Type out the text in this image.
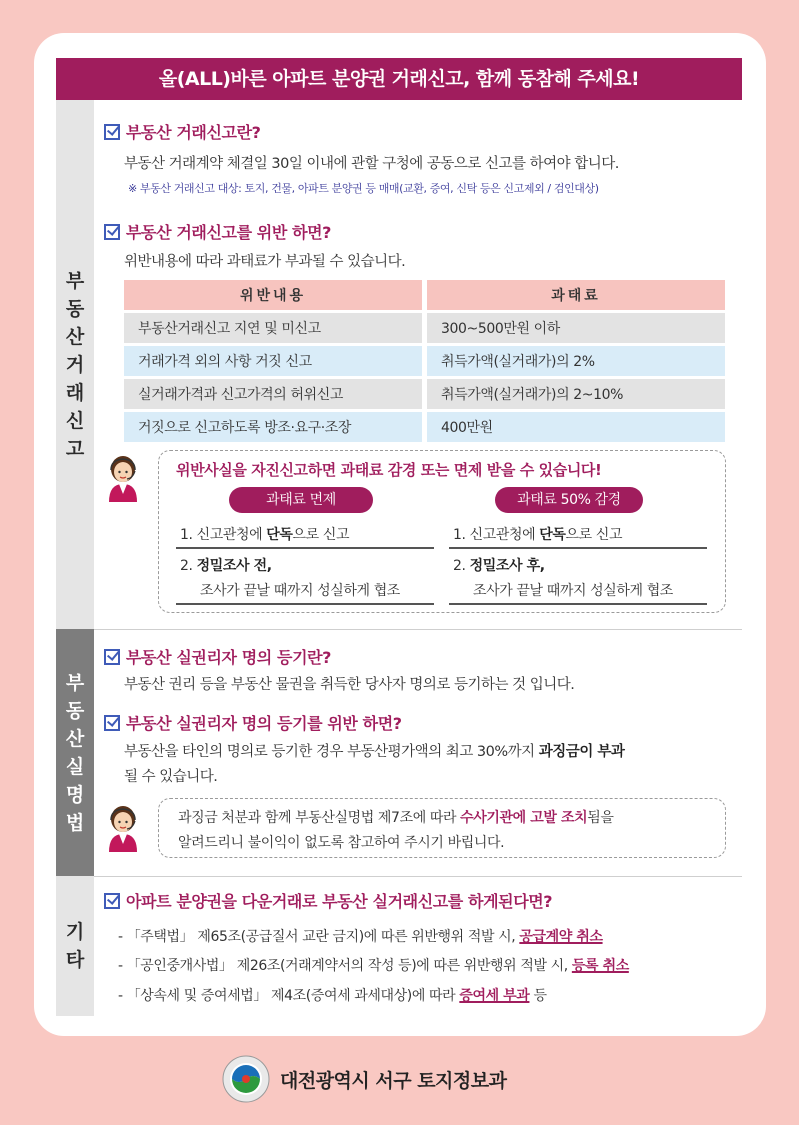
올(ALL)바른 아파트 분양권 거래신고, 함께 동참해 주세요!
부
동
산
거
래
신
고
부
동
산
실
명
법
기
타
부동산 거래신고란?
부동산 거래계약 체결일 30일 이내에 관할 구청에 공동으로 신고를 하여야 합니다.
※ 부동산 거래신고 대상: 토지, 건물, 아파트 분양권 등 매매(교환, 증여, 신탁 등은 신고제외 / 검인대상)
부동산 거래신고를 위반 하면?
위반내용에 따라 과태료가 부과될 수 있습니다.
위반내용		과태료
부동산거래신고 지연 및 미신고		300~500만원 이하
거래가격 외의 사항 거짓 신고		취득가액(실거래가)의 2%
실거래가격과 신고가격의 허위신고		취득가액(실거래가)의 2~10%
거짓으로 신고하도록 방조·요구·조장		400만원
위반사실을 자진신고하면 과태료 감경 또는 면제 받을 수 있습니다!
과태료 면제	과태료 50% 감경
1. 신고관청에 단독으로 신고
2. 정밀조사 전,
조사가 끝날 때까지 성실하게 협조
1. 신고관청에 단독으로 신고
2. 정밀조사 후,
조사가 끝날 때까지 성실하게 협조
부동산 실권리자 명의 등기란?
부동산 권리 등을 부동산 물권을 취득한 당사자 명의로 등기하는 것 입니다.
부동산 실권리자 명의 등기를 위반 하면?
부동산을 타인의 명의로 등기한 경우 부동산평가액의 최고 30%까지 과징금이 부과
될 수 있습니다.
과징금 처분과 함께 부동산실명법 제7조에 따라 수사기관에 고발 조치됨을
알려드리니 불이익이 없도록 참고하여 주시기 바립니다.
아파트 분양권을 다운거래로 부동산 실거래신고를 하게된다면?
- 「주택법」 제65조(공급질서 교란 금지)에 따른 위반행위 적발 시, 공급계약 취소
- 「공인중개사법」 제26조(거래계약서의 작성 등)에 따른 위반행위 적발 시, 등록 취소
- 「상속세 및 증여세법」 제4조(증여세 과세대상)에 따라 증여세 부과 등
대전광역시 서구 토지정보과
